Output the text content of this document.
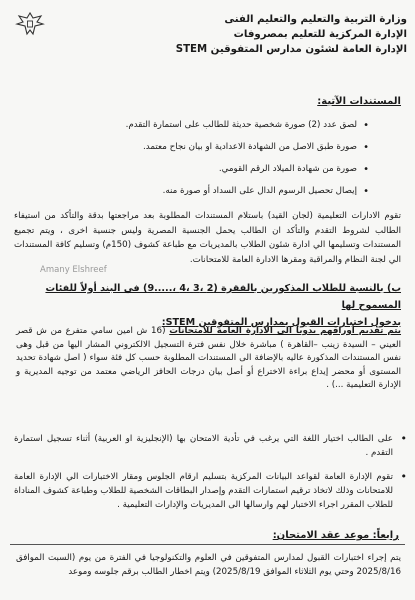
وزارة التربية والتعليم والتعليم الفنى
الإدارة المركزية للتعليم بمصروفات
الإدارة العامة لشئون مدارس المتفوقين STEM
المستندات الآتية:
• لصق عدد (2) صورة شخصية حديثة للطالب على استمارة التقدم.
• صورة طبق الاصل من الشهادة الاعدادية او بيان نجاح معتمد.
• صورة من شهادة الميلاد الرقم القومي.
• إيصال تحصيل الرسوم الدال على السداد أو صورة منه.
تقوم الادارات التعليمية (لجان القيد) باستلام المستندات المطلوبة بعد مراجعتها بدقة والتأكد من استيفاء الطالب لشروط التقدم والتأكد ان الطالب يحمل الجنسية المصرية وليس جنسية اخرى ، ويتم تجميع المستندات وتسليمها الي ادارة شئون الطلاب بالمديريات مع طباعة كشوف (150م) وتسليم كافة المستندات الي لجنة النظام والمراقبة ومقرها الادارة العامة للامتحانات.
Amany Elshreef
ب) بالنسبة للطلاب المذكورين بالفقرة (2 ،3 ،4 ،.....9) في البند أولاً للفئات المسموح لها
بدخول اختبارات القبول بمدارس المتفوقين STEM:
يتم تقديم أوراقهم يدوياً الى الادارة العامة للامتحانات (16 ش امين سامي متفرع من ش قصر العيني – السيدة زينب –القاهرة ) مباشرة خلال نفس فترة التسجيل الالكتروني المشار اليها من قبل وهى نفس المستندات المذكورة عاليه بالإضافة الى المستندات المطلوبة حسب كل فئة سواء ( اصل شهادة تحديد المستوى أو محضر إيداع براءة الاختراع أو أصل بيان درجات الحافز الرياضي معتمد من توجيه المديرية و الإدارة التعليمية ...) .
•
على الطالب اختيار اللغة التي يرغب في تأدية الامتحان بها (الإنجليزية او العربية) أثناء تسجيل استمارة التقدم .
•
تقوم الإدارة العامة لقواعد البيانات المركزية بتسليم ارقام الجلوس ومقار الاختبارات الي الإدارة العامة للامتحانات وذلك لاتخاذ ترقيم استمارات التقدم وإصدار البطاقات الشخصية للطلاب وطباعة كشوف المناداة للطلاب المقرر اجراء الاختبار لهم وارسالها الى المديريات والإدارات التعليمية .
رابعاً: موعد عقد الامتحان:
يتم إجراء اختبارات القبول لمدارس المتفوقين في العلوم والتكنولوجيا في الفترة من يوم (السبت الموافق 2025/8/16 وحتي يوم الثلاثاء الموافق 2025/8/19) ويتم اخطار الطالب برقم جلوسه وموعد
